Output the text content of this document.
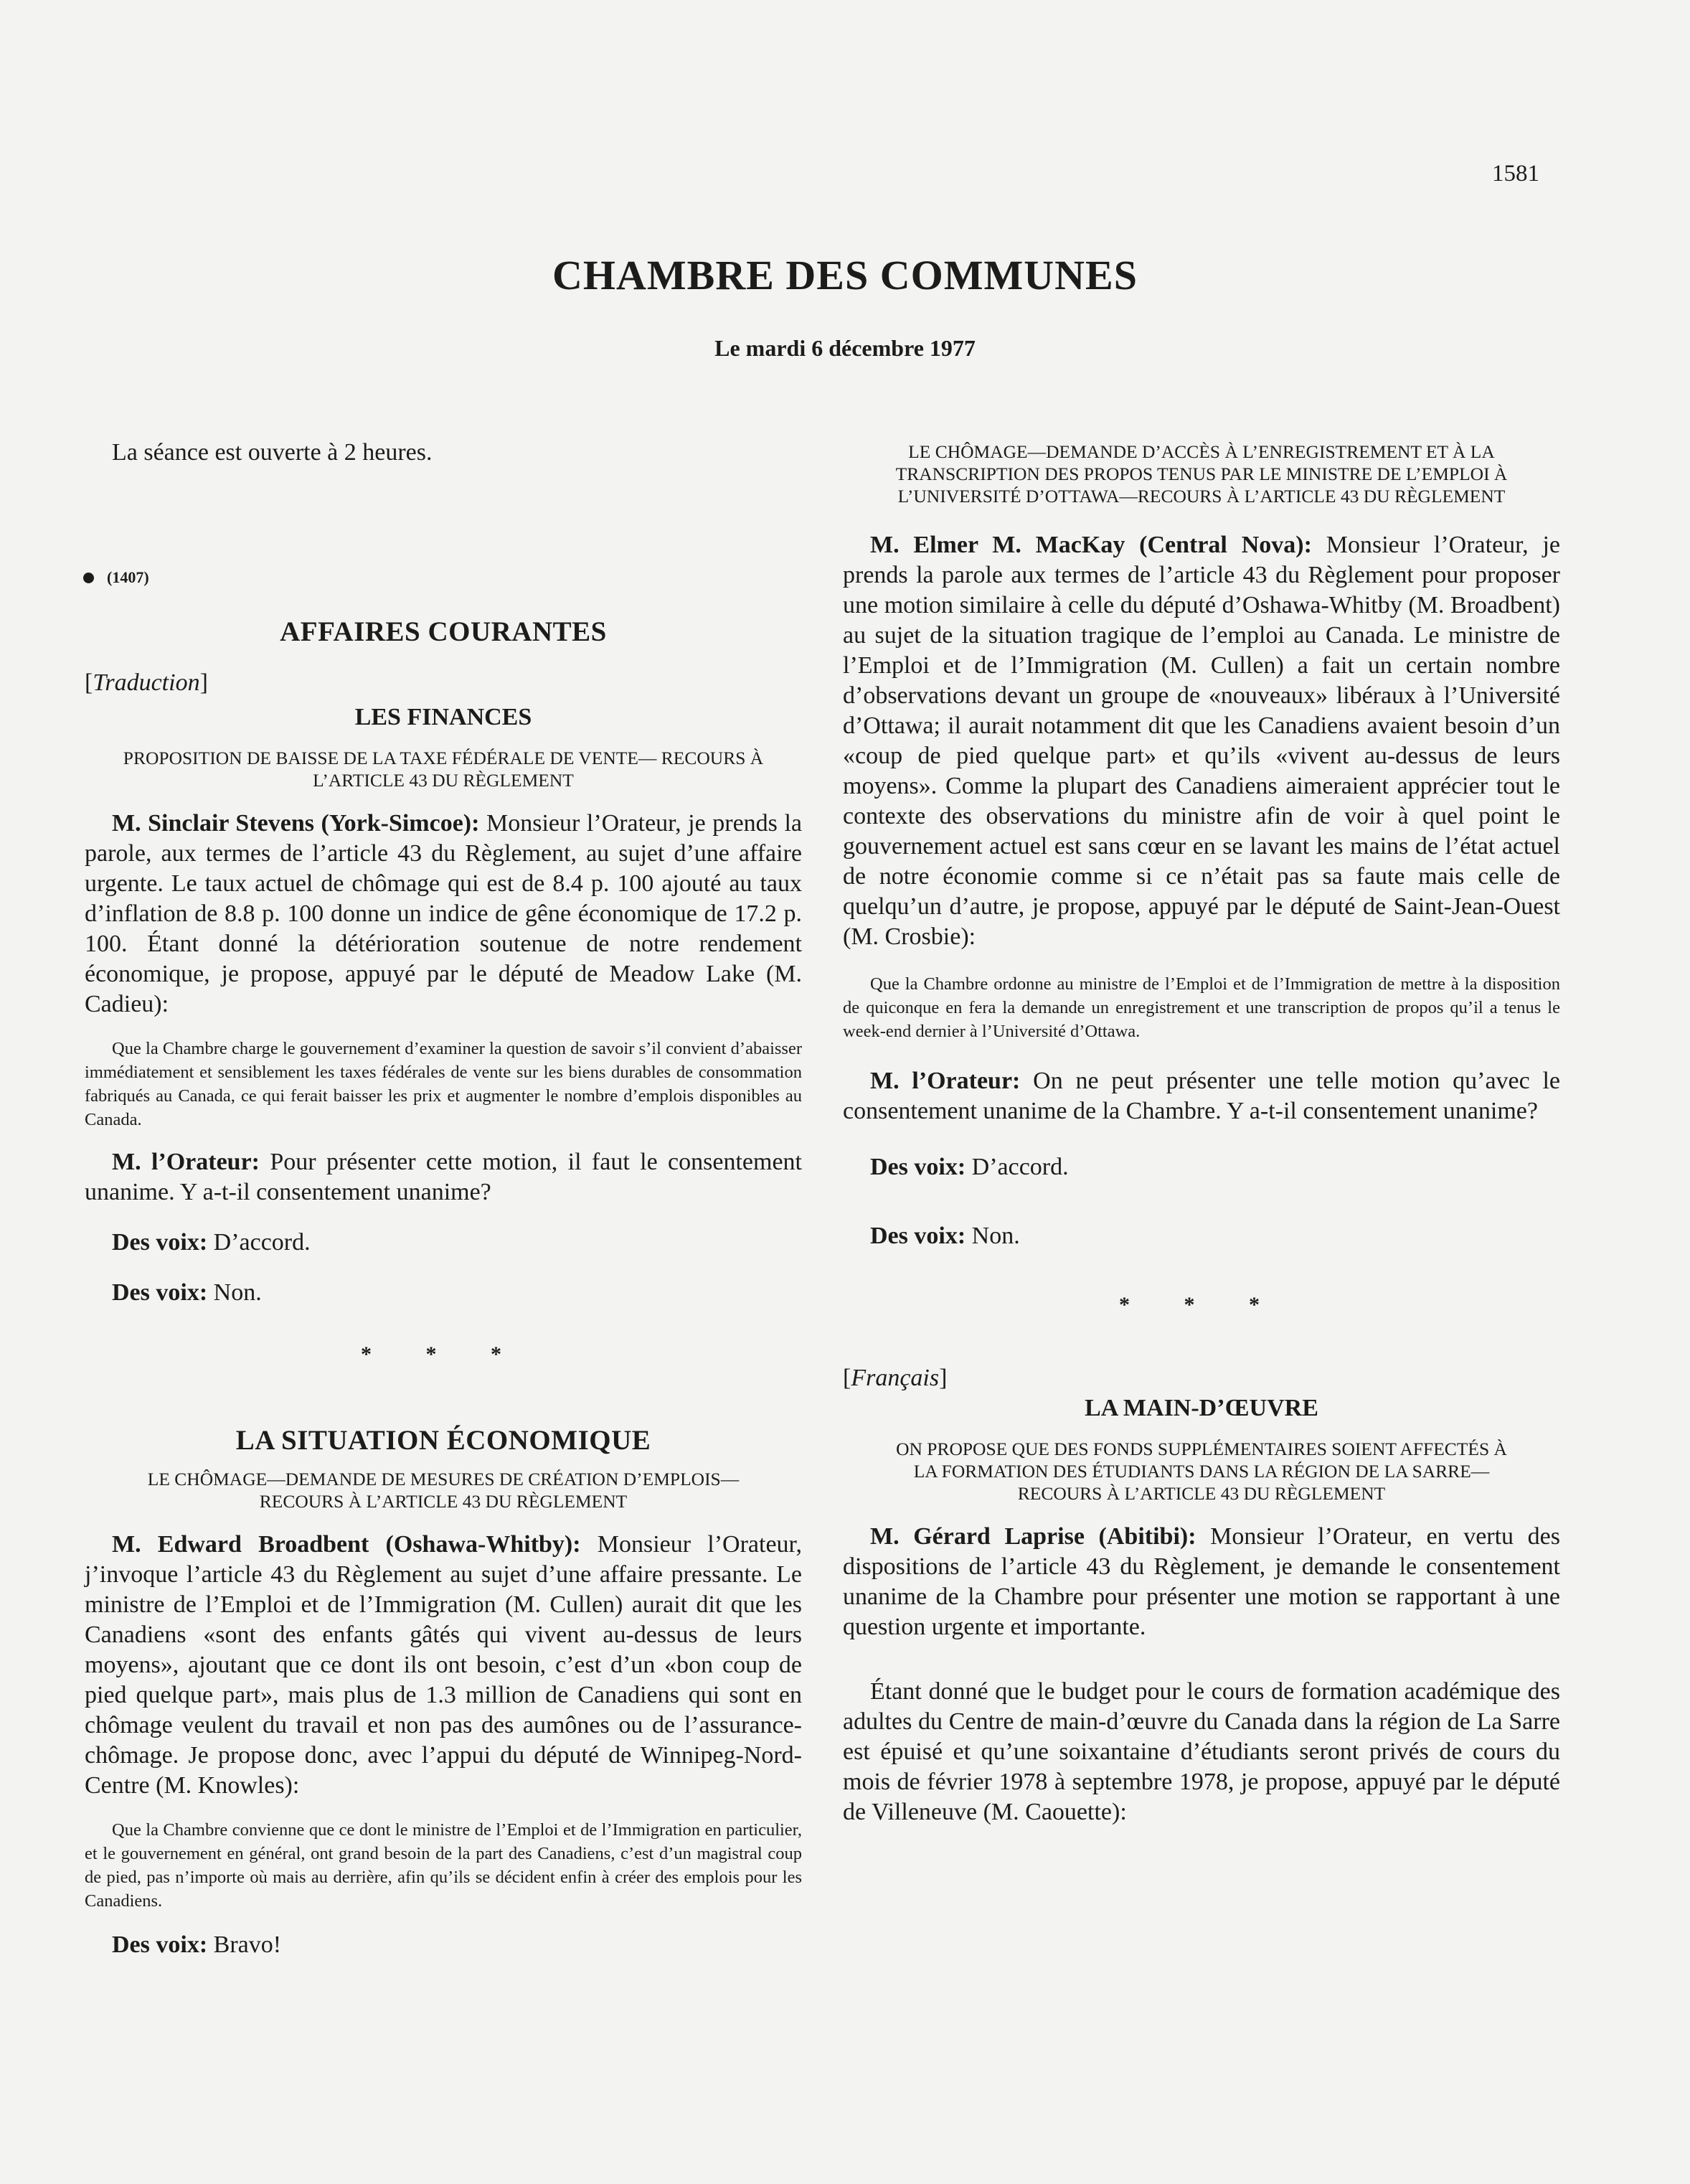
1581
CHAMBRE DES COMMUNES
Le mardi 6 décembre 1977

La séance est ouverte à 2 heures.

(1407)

AFFAIRES COURANTES

[Traduction]

LES FINANCES

PROPOSITION DE BAISSE DE LA TAXE FÉDÉRALE DE VENTE— RECOURS À L’ARTICLE 43 DU RÈGLEMENT

M. Sinclair Stevens (York-Simcoe): Monsieur l’Orateur, je prends la parole, aux termes de l’article 43 du Règlement, au sujet d’une affaire urgente. Le taux actuel de chômage qui est de 8.4 p. 100 ajouté au taux d’inflation de 8.8 p. 100 donne un indice de gêne économique de 17.2 p. 100. Étant donné la détérioration soutenue de notre rendement économique, je propose, appuyé par le député de Meadow Lake (M. Cadieu):

Que la Chambre charge le gouvernement d’examiner la question de savoir s’il convient d’abaisser immédiatement et sensiblement les taxes fédérales de vente sur les biens durables de consommation fabriqués au Canada, ce qui ferait baisser les prix et augmenter le nombre d’emplois disponibles au Canada.

M. l’Orateur: Pour présenter cette motion, il faut le consentement unanime. Y a-t-il consentement unanime?

Des voix: D’accord.

Des voix: Non.

* * *

LA SITUATION ÉCONOMIQUE

LE CHÔMAGE—DEMANDE DE MESURES DE CRÉATION D’EMPLOIS—RECOURS À L’ARTICLE 43 DU RÈGLEMENT

M. Edward Broadbent (Oshawa-Whitby): Monsieur l’Orateur, j’invoque l’article 43 du Règlement au sujet d’une affaire pressante. Le ministre de l’Emploi et de l’Immigration (M. Cullen) aurait dit que les Canadiens «sont des enfants gâtés qui vivent au-dessus de leurs moyens», ajoutant que ce dont ils ont besoin, c’est d’un «bon coup de pied quelque part», mais plus de 1.3 million de Canadiens qui sont en chômage veulent du travail et non pas des aumônes ou de l’assurance-chômage. Je propose donc, avec l’appui du député de Winnipeg-Nord-Centre (M. Knowles):

Que la Chambre convienne que ce dont le ministre de l’Emploi et de l’Immigration en particulier, et le gouvernement en général, ont grand besoin de la part des Canadiens, c’est d’un magistral coup de pied, pas n’importe où mais au derrière, afin qu’ils se décident enfin à créer des emplois pour les Canadiens.

Des voix: Bravo!

LE CHÔMAGE—DEMANDE D’ACCÈS À L’ENREGISTREMENT ET À LA TRANSCRIPTION DES PROPOS TENUS PAR LE MINISTRE DE L’EMPLOI À L’UNIVERSITÉ D’OTTAWA—RECOURS À L’ARTICLE 43 DU RÈGLEMENT

M. Elmer M. MacKay (Central Nova): Monsieur l’Orateur, je prends la parole aux termes de l’article 43 du Règlement pour proposer une motion similaire à celle du député d’Oshawa-Whitby (M. Broadbent) au sujet de la situation tragique de l’emploi au Canada. Le ministre de l’Emploi et de l’Immigration (M. Cullen) a fait un certain nombre d’observations devant un groupe de «nouveaux» libéraux à l’Université d’Ottawa; il aurait notamment dit que les Canadiens avaient besoin d’un «coup de pied quelque part» et qu’ils «vivent au-dessus de leurs moyens». Comme la plupart des Canadiens aimeraient apprécier tout le contexte des observations du ministre afin de voir à quel point le gouvernement actuel est sans cœur en se lavant les mains de l’état actuel de notre économie comme si ce n’était pas sa faute mais celle de quelqu’un d’autre, je propose, appuyé par le député de Saint-Jean-Ouest (M. Crosbie):

Que la Chambre ordonne au ministre de l’Emploi et de l’Immigration de mettre à la disposition de quiconque en fera la demande un enregistrement et une transcription de propos qu’il a tenus le week-end dernier à l’Université d’Ottawa.

M. l’Orateur: On ne peut présenter une telle motion qu’avec le consentement unanime de la Chambre. Y a-t-il consentement unanime?

Des voix: D’accord.

Des voix: Non.

* * *

[Français]

LA MAIN-D’ŒUVRE

ON PROPOSE QUE DES FONDS SUPPLÉMENTAIRES SOIENT AFFECTÉS À LA FORMATION DES ÉTUDIANTS DANS LA RÉGION DE LA SARRE—RECOURS À L’ARTICLE 43 DU RÈGLEMENT

M. Gérard Laprise (Abitibi): Monsieur l’Orateur, en vertu des dispositions de l’article 43 du Règlement, je demande le consentement unanime de la Chambre pour présenter une motion se rapportant à une question urgente et importante.

Étant donné que le budget pour le cours de formation académique des adultes du Centre de main-d’œuvre du Canada dans la région de La Sarre est épuisé et qu’une soixantaine d’étudiants seront privés de cours du mois de février 1978 à septembre 1978, je propose, appuyé par le député de Villeneuve (M. Caouette):
